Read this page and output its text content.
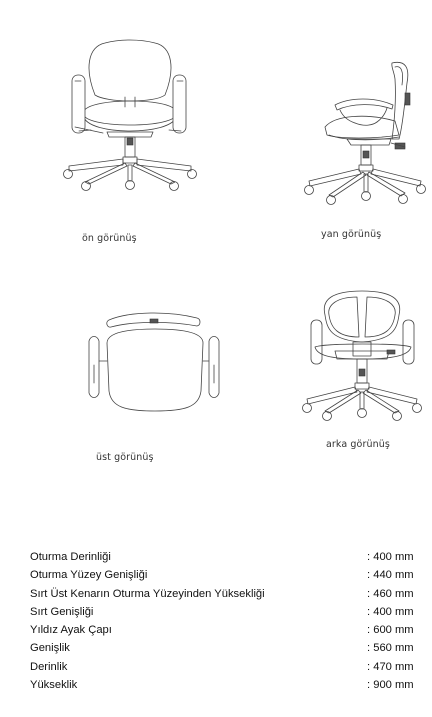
ön görünüş	yan görünüş
üst görünüş
arka görünüş
Oturma Derinliği	: 400 mm
Oturma Yüzey Genişliği	: 440 mm
Sırt Üst Kenarın Oturma Yüzeyinden Yüksekliği	: 460 mm
Sırt Genişliği	: 400 mm
Yıldız Ayak Çapı	: 600 mm
Genişlik	: 560 mm
Derinlik	: 470 mm
Yükseklik	: 900 mm
